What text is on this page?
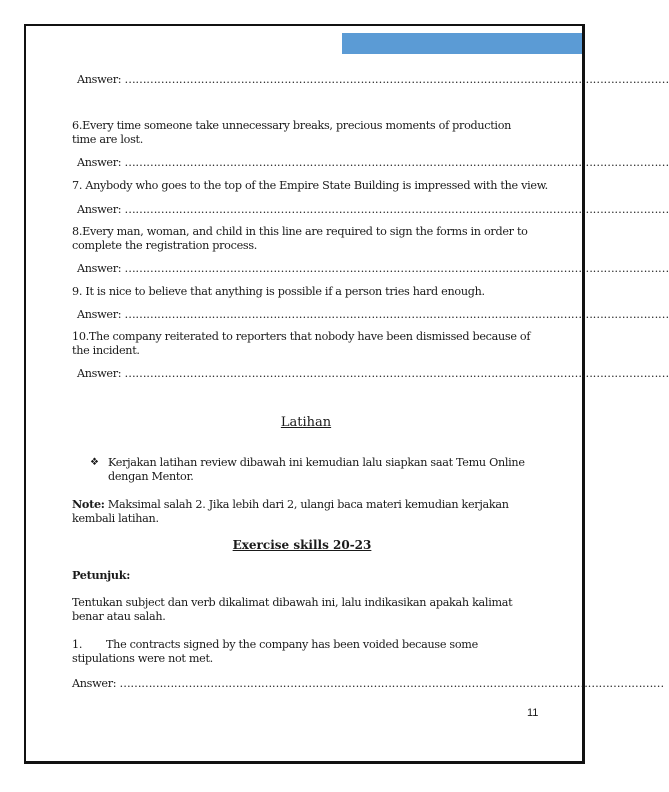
Answer: ……………………………………………………………………………………………………………………………………
6.Every time someone take unnecessary breaks, precious moments of production time are lost.
Answer: ……………………………………………………………………………………………………………………………………
7. Anybody who goes to the top of the Empire State Building is impressed with the view.
Answer: ……………………………………………………………………………………………………………………………………
8.Every man, woman, and child in this line are required to sign the forms in order to complete the registration process.
Answer: ……………………………………………………………………………………………………………………………………
9. It is nice to believe that anything is possible if a person tries hard enough.
Answer: ……………………………………………………………………………………………………………………………………
10.The company reiterated to reporters that nobody have been dismissed because of the incident.
Answer: ……………………………………………………………………………………………………………………………………
Latihan
❖ Kerjakan latihan review dibawah ini kemudian lalu siapkan saat Temu Online dengan Mentor.
Note: Maksimal salah 2. Jika lebih dari 2, ulangi baca materi kemudian kerjakan kembali latihan.
Exercise skills 20-23
Petunjuk:
Tentukan subject dan verb dikalimat dibawah ini, lalu indikasikan apakah kalimat benar atau salah.
1.	The contracts signed by the company has been voided because some stipulations were not met.
Answer: ……………………………………………………………………………………………………………………………………
11
